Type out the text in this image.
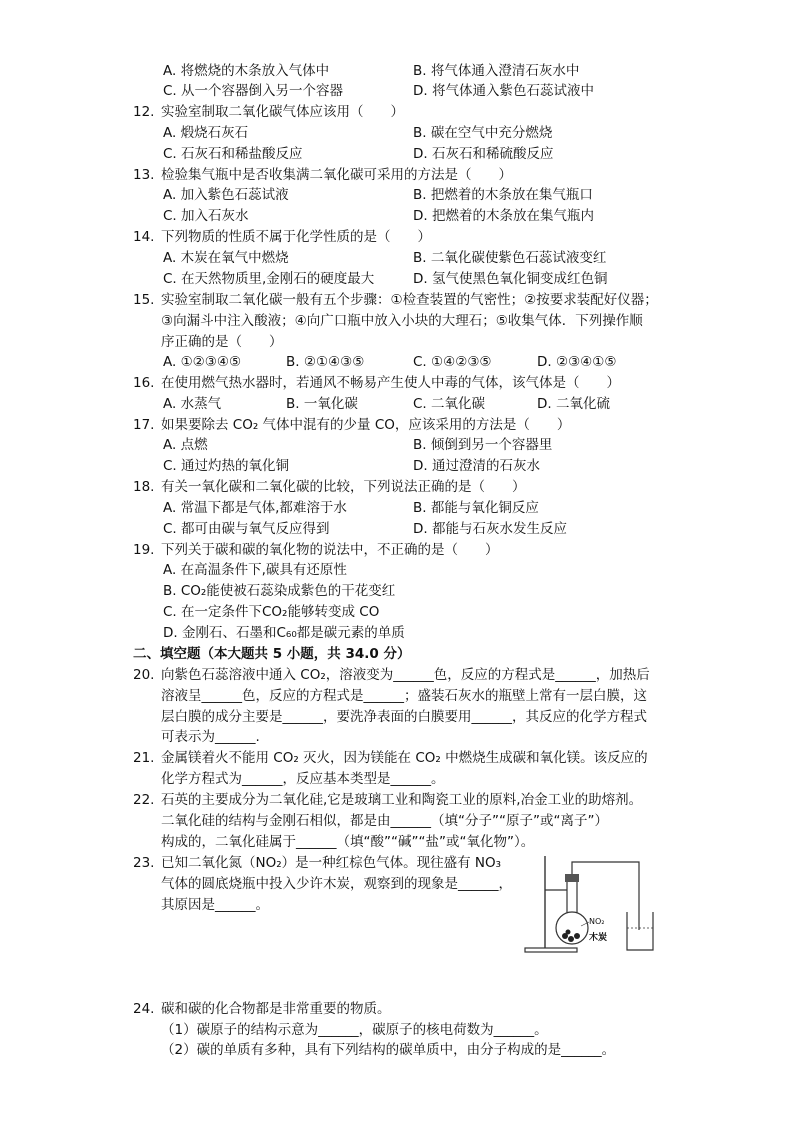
A. 将燃烧的木条放入气体中	B. 将气体通入澄清石灰水中
C. 从一个容器倒入另一个容器	D. 将气体通入紫色石蕊试液中
12. 实验室制取二氧化碳气体应该用（　　）
A. 煅烧石灰石	B. 碳在空气中充分燃烧
C. 石灰石和稀盐酸反应	D. 石灰石和稀硫酸反应
13. 检验集气瓶中是否收集满二氧化碳可采用的方法是（　　）
A. 加入紫色石蕊试液	B. 把燃着的木条放在集气瓶口
C. 加入石灰水	D. 把燃着的木条放在集气瓶内
14. 下列物质的性质不属于化学性质的是（　　）
A. 木炭在氧气中燃烧	B. 二氧化碳使紫色石蕊试液变红
C. 在天然物质里,金刚石的硬度最大	D. 氢气使黑色氧化铜变成红色铜
15. 实验室制取二氧化碳一般有五个步骤：①检查装置的气密性；②按要求装配好仪器；
③向漏斗中注入酸液；④向广口瓶中放入小块的大理石；⑤收集气体．下列操作顺
序正确的是（　　）
A. ①②③④⑤	B. ②①④③⑤	C. ①④②③⑤	D. ②③④①⑤
16. 在使用燃气热水器时，若通风不畅易产生使人中毒的气体，该气体是（　　）
A. 水蒸气	B. 一氧化碳	C. 二氧化碳	D. 二氧化硫
17. 如果要除去 CO₂ 气体中混有的少量 CO，应该采用的方法是（　　）
A. 点燃	B. 倾倒到另一个容器里
C. 通过灼热的氧化铜	D. 通过澄清的石灰水
18. 有关一氧化碳和二氧化碳的比较，下列说法正确的是（　　）
A. 常温下都是气体,都难溶于水	B. 都能与氧化铜反应
C. 都可由碳与氧气反应得到	D. 都能与石灰水发生反应
19. 下列关于碳和碳的氧化物的说法中，不正确的是（　　）
A. 在高温条件下,碳具有还原性
B. CO₂能使被石蕊染成紫色的干花变红
C. 在一定条件下CO₂能够转变成 CO
D. 金刚石、石墨和C₆₀都是碳元素的单质
二、填空题（本大题共 5 小题，共 34.0 分）
20. 向紫色石蕊溶液中通入 CO₂，溶液变为______色，反应的方程式是______，加热后
溶液呈______色，反应的方程式是______；盛装石灰水的瓶壁上常有一层白膜，这
层白膜的成分主要是______，要洗净表面的白膜要用______，其反应的化学方程式
可表示为______.
21. 金属镁着火不能用 CO₂ 灭火，因为镁能在 CO₂ 中燃烧生成碳和氧化镁。该反应的
化学方程式为______，反应基本类型是______。
22. 石英的主要成分为二氧化硅,它是玻璃工业和陶瓷工业的原料,冶金工业的助熔剂。
二氧化硅的结构与金刚石相似，都是由______（填“分子”“原子”或“离子”）
构成的，二氧化硅属于______（填“酸”“碱”“盐”或“氧化物”）。
23. 已知二氧化氮（NO₂）是一种红棕色气体。现往盛有 NO₃
气体的圆底烧瓶中投入少许木炭，观察到的现象是______，
其原因是______。
NO₂
木炭
24. 碳和碳的化合物都是非常重要的物质。
（1）碳原子的结构示意为______，碳原子的核电荷数为______。
（2）碳的单质有多种，具有下列结构的碳单质中，由分子构成的是______。
